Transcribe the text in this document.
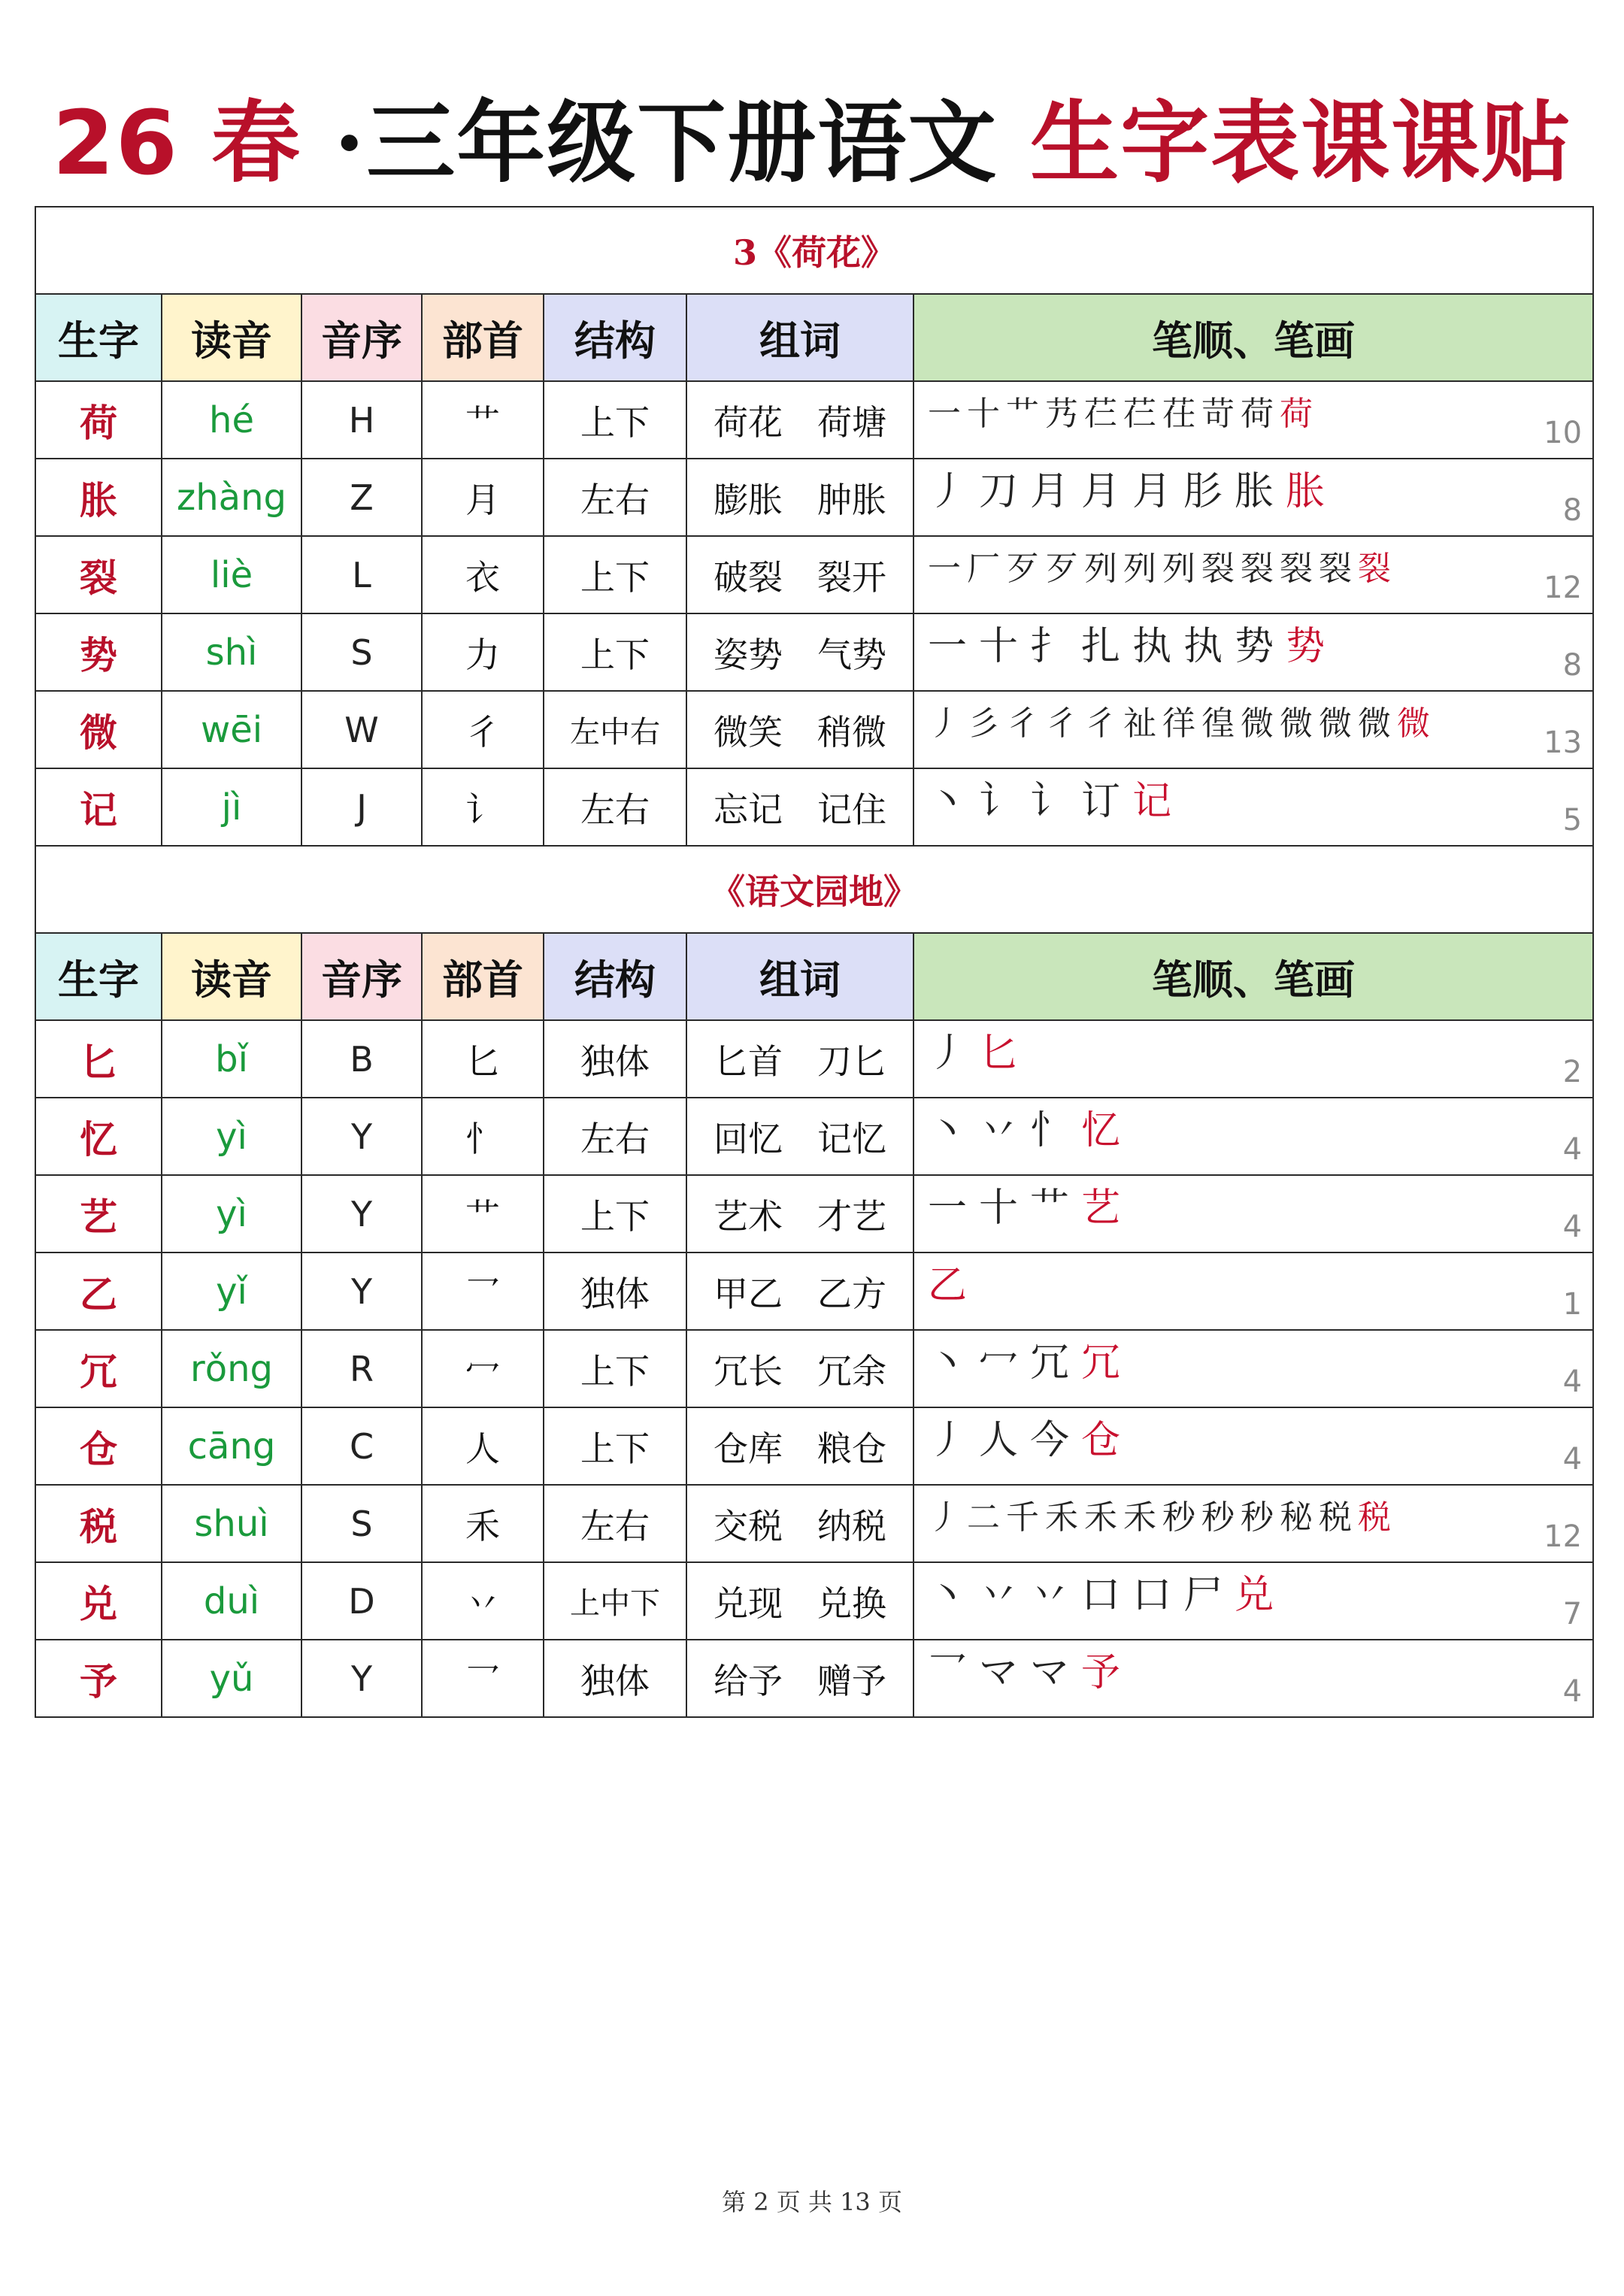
26 春 ·三年级下册语文 生字表课课贴
3《荷花》						
生字	读音	音序	部首	结构	组词	笔顺、笔画
荷	hé	H	艹	上下	荷花 荷塘	一 十 艹 艿 芢 芢 茌 苛 荷 荷 10

胀	zhàng	Z	月	左右	膨胀 肿胀	丿 刀 月 月 月 肜 胀 胀 8

裂	liè	L	衣	上下	破裂 裂开	一 厂 歹 歹 列 列 列 裂 裂 裂 裂 裂 12

势	shì	S	力	上下	姿势 气势	一 十 扌 扎 执 执 势 势 8

微	wēi	W	彳	左中右	微笑 稍微	丿 彡 彳 彳 彳 祉 徉 徨 微 微 微 微 微 13

记	jì	J	讠	左右	忘记 记住	丶 讠 讠 订 记 5

《语文园地》						
生字	读音	音序	部首	结构	组词	笔顺、笔画
匕	bǐ	B	匕	独体	匕首 刀匕	丿 匕 2

忆	yì	Y	忄	左右	回忆 记忆	丶 丷 忄 忆 4

艺	yì	Y	艹	上下	艺术 才艺	一 十 艹 艺 4

乙	yǐ	Y	乛	独体	甲乙 乙方	乙 1

冗	rǒng	R	冖	上下	冗长 冗余	丶 冖 冗 冗 4

仓	cāng	C	人	上下	仓库 粮仓	丿 人 今 仓 4

税	shuì	S	禾	左右	交税 纳税	丿 二 千 禾 禾 禾 秒 秒 秒 秘 税 税 12

兑	duì	D	丷	上中下	兑现 兑换	丶 丷 丷 口 口 尸 兑 7

予	yǔ	Y	乛	独体	给予 赠予	乛 マ マ 予 4
第 2 页 共 13 页
